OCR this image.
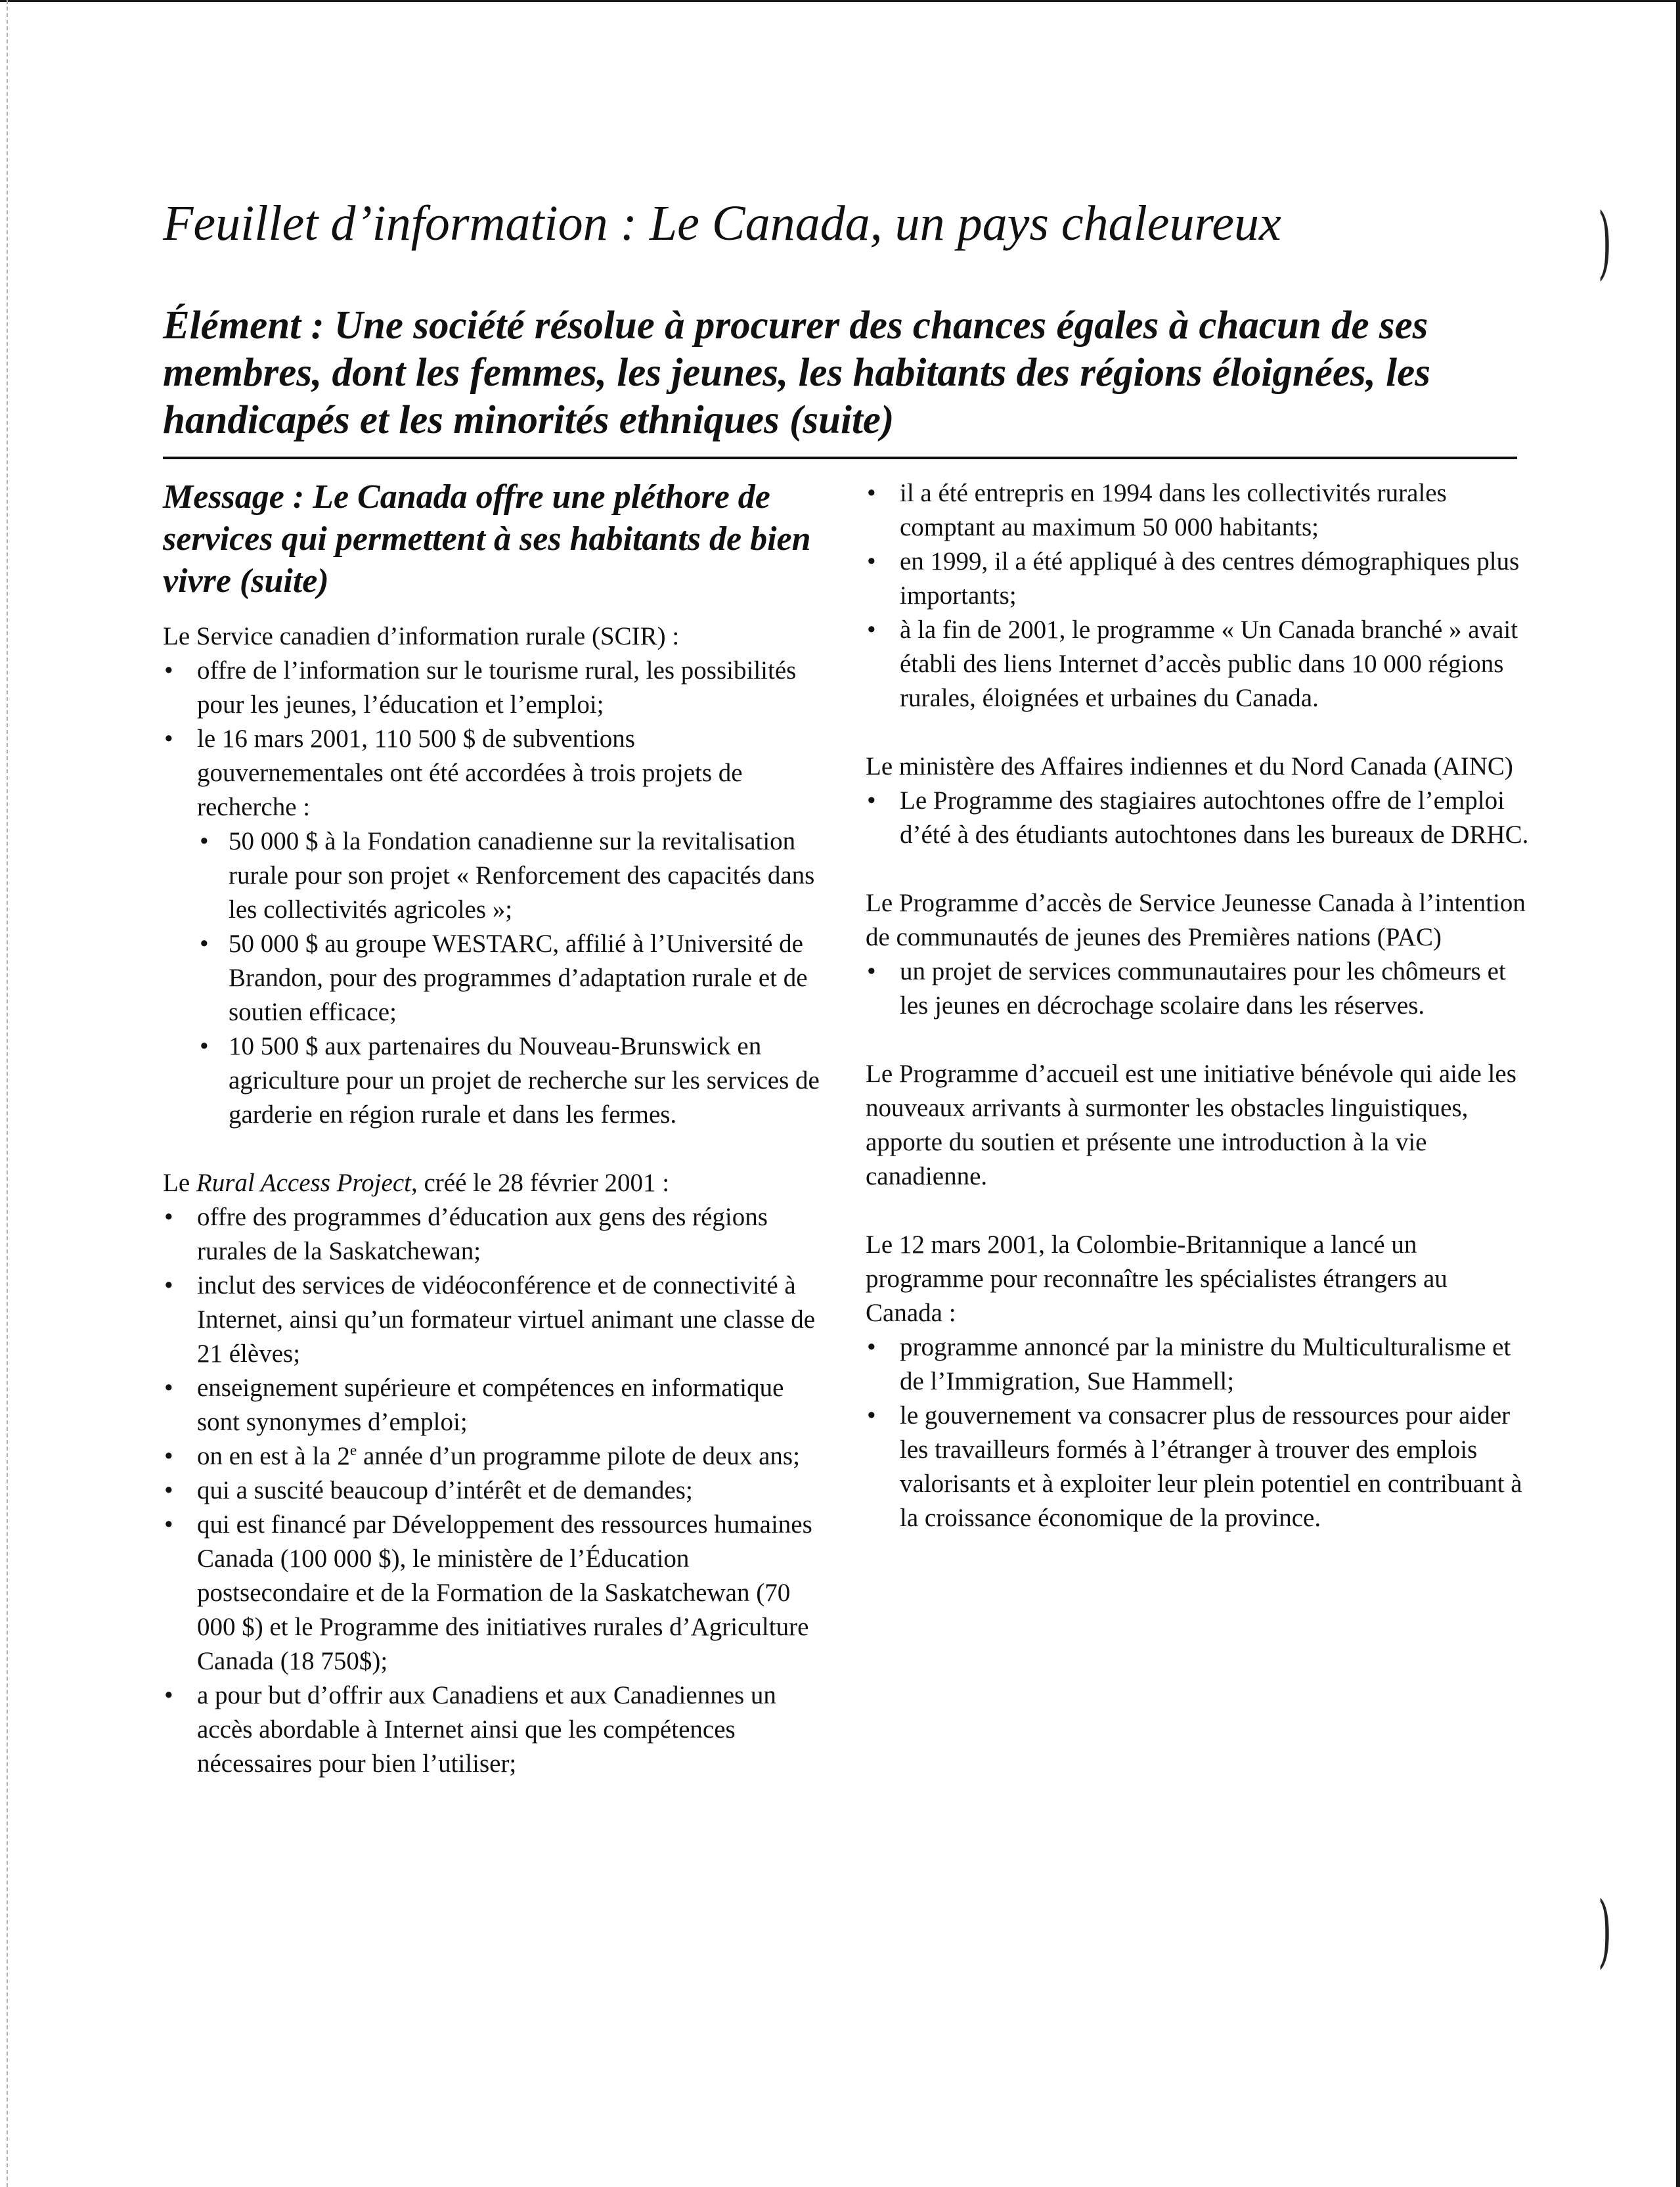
)
)
Feuillet d’information : Le Canada, un pays chaleureux
Élément : Une société résolue à procurer des chances égales à chacun de ses membres, dont les femmes, les jeunes, les habitants des régions éloignées, les handicapés et les minorités ethniques (suite)
Message : Le Canada offre une pléthore de services qui permettent à ses habitants de bien vivre (suite)

Le Service canadien d’information rurale (SCIR) :

• offre de l’information sur le tourisme rural, les possibilités pour les jeunes, l’éducation et l’emploi;
• le 16 mars 2001, 110 500 $ de subventions gouvernementales ont été accordées à trois projets de recherche :
• 50 000 $ à la Fondation canadienne sur la revitalisation rurale pour son projet « Renforcement des capacités dans les collectivités agricoles »;
• 50 000 $ au groupe WESTARC, affilié à l’Université de Brandon, pour des programmes d’adaptation rurale et de soutien efficace;
• 10 500 $ aux partenaires du Nouveau-Brunswick en agriculture pour un projet de recherche sur les services de garderie en région rurale et dans les fermes.

Le Rural Access Project, créé le 28 février 2001 :

• offre des programmes d’éducation aux gens des régions rurales de la Saskatchewan;
• inclut des services de vidéoconférence et de connectivité à Internet, ainsi qu’un formateur virtuel animant une classe de 21 élèves;
• enseignement supérieure et compétences en informatique sont synonymes d’emploi;
• on en est à la 2e année d’un programme pilote de deux ans;
• qui a suscité beaucoup d’intérêt et de demandes;
• qui est financé par Développement des ressources humaines Canada (100 000 $), le ministère de l’Éducation postsecondaire et de la Formation de la Saskatchewan (70 000 $) et le Programme des initiatives rurales d’Agriculture Canada (18 750$);
• a pour but d’offrir aux Canadiens et aux Canadiennes un accès abordable à Internet ainsi que les compétences nécessaires pour bien l’utiliser;
• il a été entrepris en 1994 dans les collectivités rurales comptant au maximum 50 000 habitants;
• en 1999, il a été appliqué à des centres démographiques plus importants;
• à la fin de 2001, le programme « Un Canada branché » avait établi des liens Internet d’accès public dans 10 000 régions rurales, éloignées et urbaines du Canada.

Le ministère des Affaires indiennes et du Nord Canada (AINC)

• Le Programme des stagiaires autochtones offre de l’emploi d’été à des étudiants autochtones dans les bureaux de DRHC.

Le Programme d’accès de Service Jeunesse Canada à l’intention de communautés de jeunes des Premières nations (PAC)

• un projet de services communautaires pour les chômeurs et les jeunes en décrochage scolaire dans les réserves.

Le Programme d’accueil est une initiative bénévole qui aide les nouveaux arrivants à surmonter les obstacles linguistiques, apporte du soutien et présente une introduction à la vie canadienne.

Le 12 mars 2001, la Colombie-Britannique a lancé un programme pour reconnaître les spécialistes étrangers au Canada :

• programme annoncé par la ministre du Multiculturalisme et de l’Immigration, Sue Hammell;
• le gouvernement va consacrer plus de ressources pour aider les travailleurs formés à l’étranger à trouver des emplois valorisants et à exploiter leur plein potentiel en contribuant à la croissance économique de la province.
